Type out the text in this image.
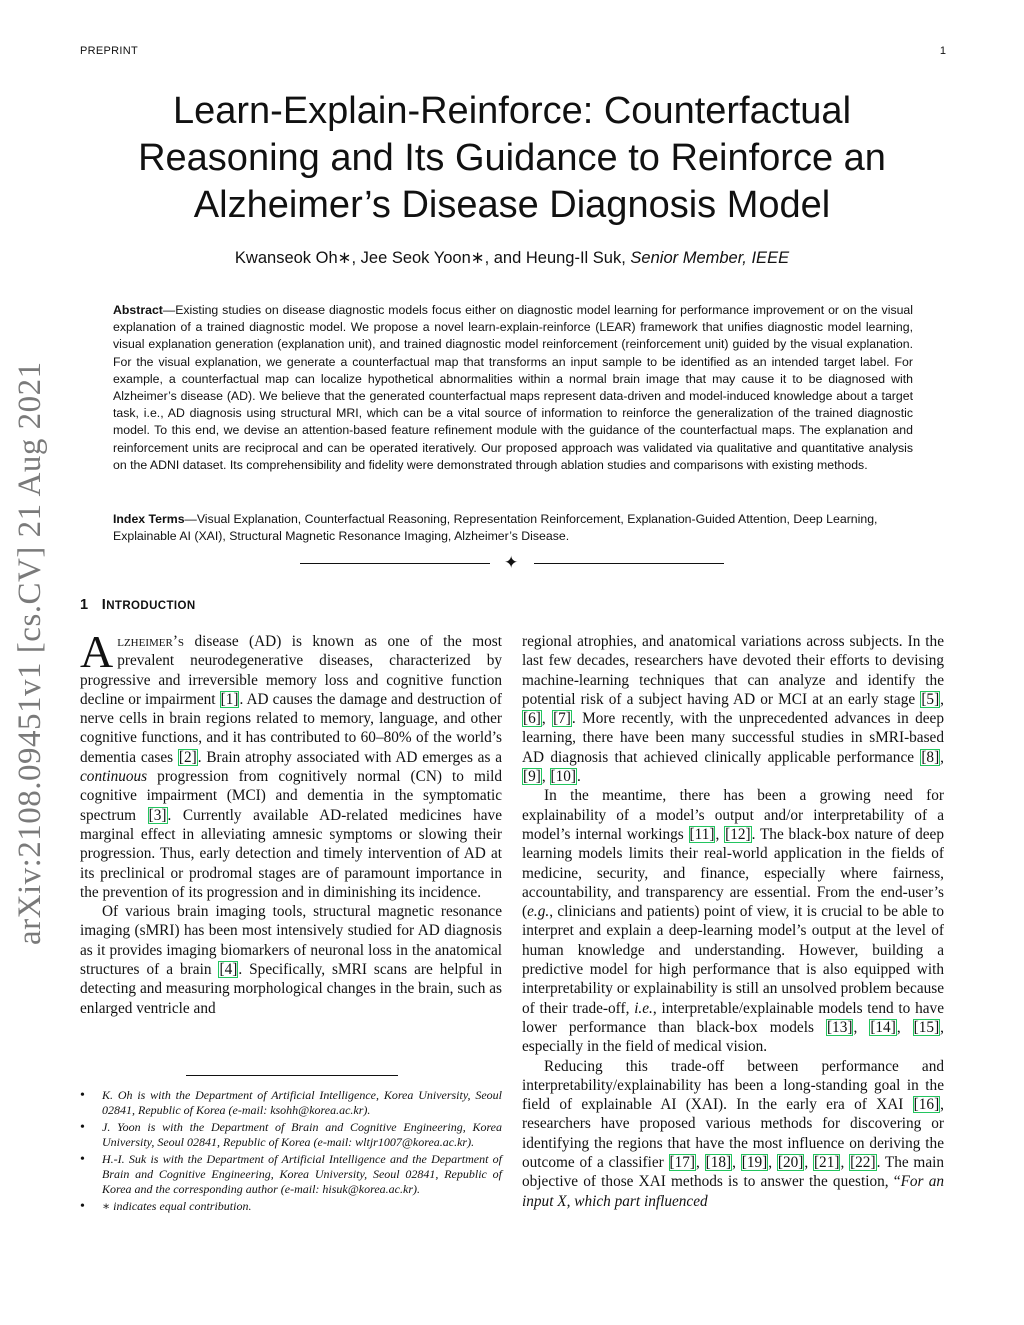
PREPRINT	1
arXiv:2108.09451v1 [cs.CV] 21 Aug 2021
Learn-Explain-Reinforce: Counterfactual Reasoning and Its Guidance to Reinforce an Alzheimer’s Disease Diagnosis Model
Kwanseok Oh∗, Jee Seok Yoon∗, and Heung-Il Suk, Senior Member, IEEE

Abstract—Existing studies on disease diagnostic models focus either on diagnostic model learning for performance improvement or on the visual explanation of a trained diagnostic model. We propose a novel learn-explain-reinforce (LEAR) framework that unifies diagnostic model learning, visual explanation generation (explanation unit), and trained diagnostic model reinforcement (reinforcement unit) guided by the visual explanation. For the visual explanation, we generate a counterfactual map that transforms an input sample to be identified as an intended target label. For example, a counterfactual map can localize hypothetical abnormalities within a normal brain image that may cause it to be diagnosed with Alzheimer’s disease (AD). We believe that the generated counterfactual maps represent data-driven and model-induced knowledge about a target task, i.e., AD diagnosis using structural MRI, which can be a vital source of information to reinforce the generalization of the trained diagnostic model. To this end, we devise an attention-based feature refinement module with the guidance of the counterfactual maps. The explanation and reinforcement units are reciprocal and can be operated iteratively. Our proposed approach was validated via qualitative and quantitative analysis on the ADNI dataset. Its comprehensibility and fidelity were demonstrated through ablation studies and comparisons with existing methods.

Index Terms—Visual Explanation, Counterfactual Reasoning, Representation Reinforcement, Explanation-Guided Attention, Deep Learning, Explainable AI (XAI), Structural Magnetic Resonance Imaging, Alzheimer’s Disease.

✦
1 INTRODUCTION

Alzheimer’s disease (AD) is known as one of the most prevalent neurodegenerative diseases, characterized by progressive and irreversible memory loss and cognitive function decline or impairment [1]. AD causes the damage and destruction of nerve cells in brain regions related to memory, language, and other cognitive functions, and it has contributed to 60–80% of the world’s dementia cases [2]. Brain atrophy associated with AD emerges as a continuous progression from cognitively normal (CN) to mild cognitive impairment (MCI) and dementia in the symptomatic spectrum [3]. Currently available AD-related medicines have marginal effect in alleviating amnesic symptoms or slowing their progression. Thus, early detection and timely intervention of AD at its preclinical or prodromal stages are of paramount importance in the prevention of its progression and in diminishing its incidence.

Of various brain imaging tools, structural magnetic resonance imaging (sMRI) has been most intensively studied for AD diagnosis as it provides imaging biomarkers of neuronal loss in the anatomical structures of a brain [4]. Specifically, sMRI scans are helpful in detecting and measuring morphological changes in the brain, such as enlarged ventricle and

• K. Oh is with the Department of Artificial Intelligence, Korea University, Seoul 02841, Republic of Korea (e-mail: ksohh@korea.ac.kr).
• J. Yoon is with the Department of Brain and Cognitive Engineering, Korea University, Seoul 02841, Republic of Korea (e-mail: wltjr1007@korea.ac.kr).
• H.-I. Suk is with the Department of Artificial Intelligence and the Department of Brain and Cognitive Engineering, Korea University, Seoul 02841, Republic of Korea and the corresponding author (e-mail: hisuk@korea.ac.kr).
• ∗ indicates equal contribution.

regional atrophies, and anatomical variations across subjects. In the last few decades, researchers have devoted their efforts to devising machine-learning techniques that can analyze and identify the potential risk of a subject having AD or MCI at an early stage [5], [6], [7]. More recently, with the unprecedented advances in deep learning, there have been many successful studies in sMRI-based AD diagnosis that achieved clinically applicable performance [8], [9], [10].

In the meantime, there has been a growing need for explainability of a model’s output and/or interpretability of a model’s internal workings [11], [12]. The black-box nature of deep learning models limits their real-world application in the fields of medicine, security, and finance, especially where fairness, accountability, and transparency are essential. From the end-user’s (e.g., clinicians and patients) point of view, it is crucial to be able to interpret and explain a deep-learning model’s output at the level of human knowledge and understanding. However, building a predictive model for high performance that is also equipped with interpretability or explainability is still an unsolved problem because of their trade-off, i.e., interpretable/explainable models tend to have lower performance than black-box models [13], [14], [15], especially in the field of medical vision.

Reducing this trade-off between performance and interpretability/explainability has been a long-standing goal in the field of explainable AI (XAI). In the early era of XAI [16], researchers have proposed various methods for discovering or identifying the regions that have the most influence on deriving the outcome of a classifier [17], [18], [19], [20], [21], [22]. The main objective of those XAI methods is to answer the question, “For an input X, which part influenced
